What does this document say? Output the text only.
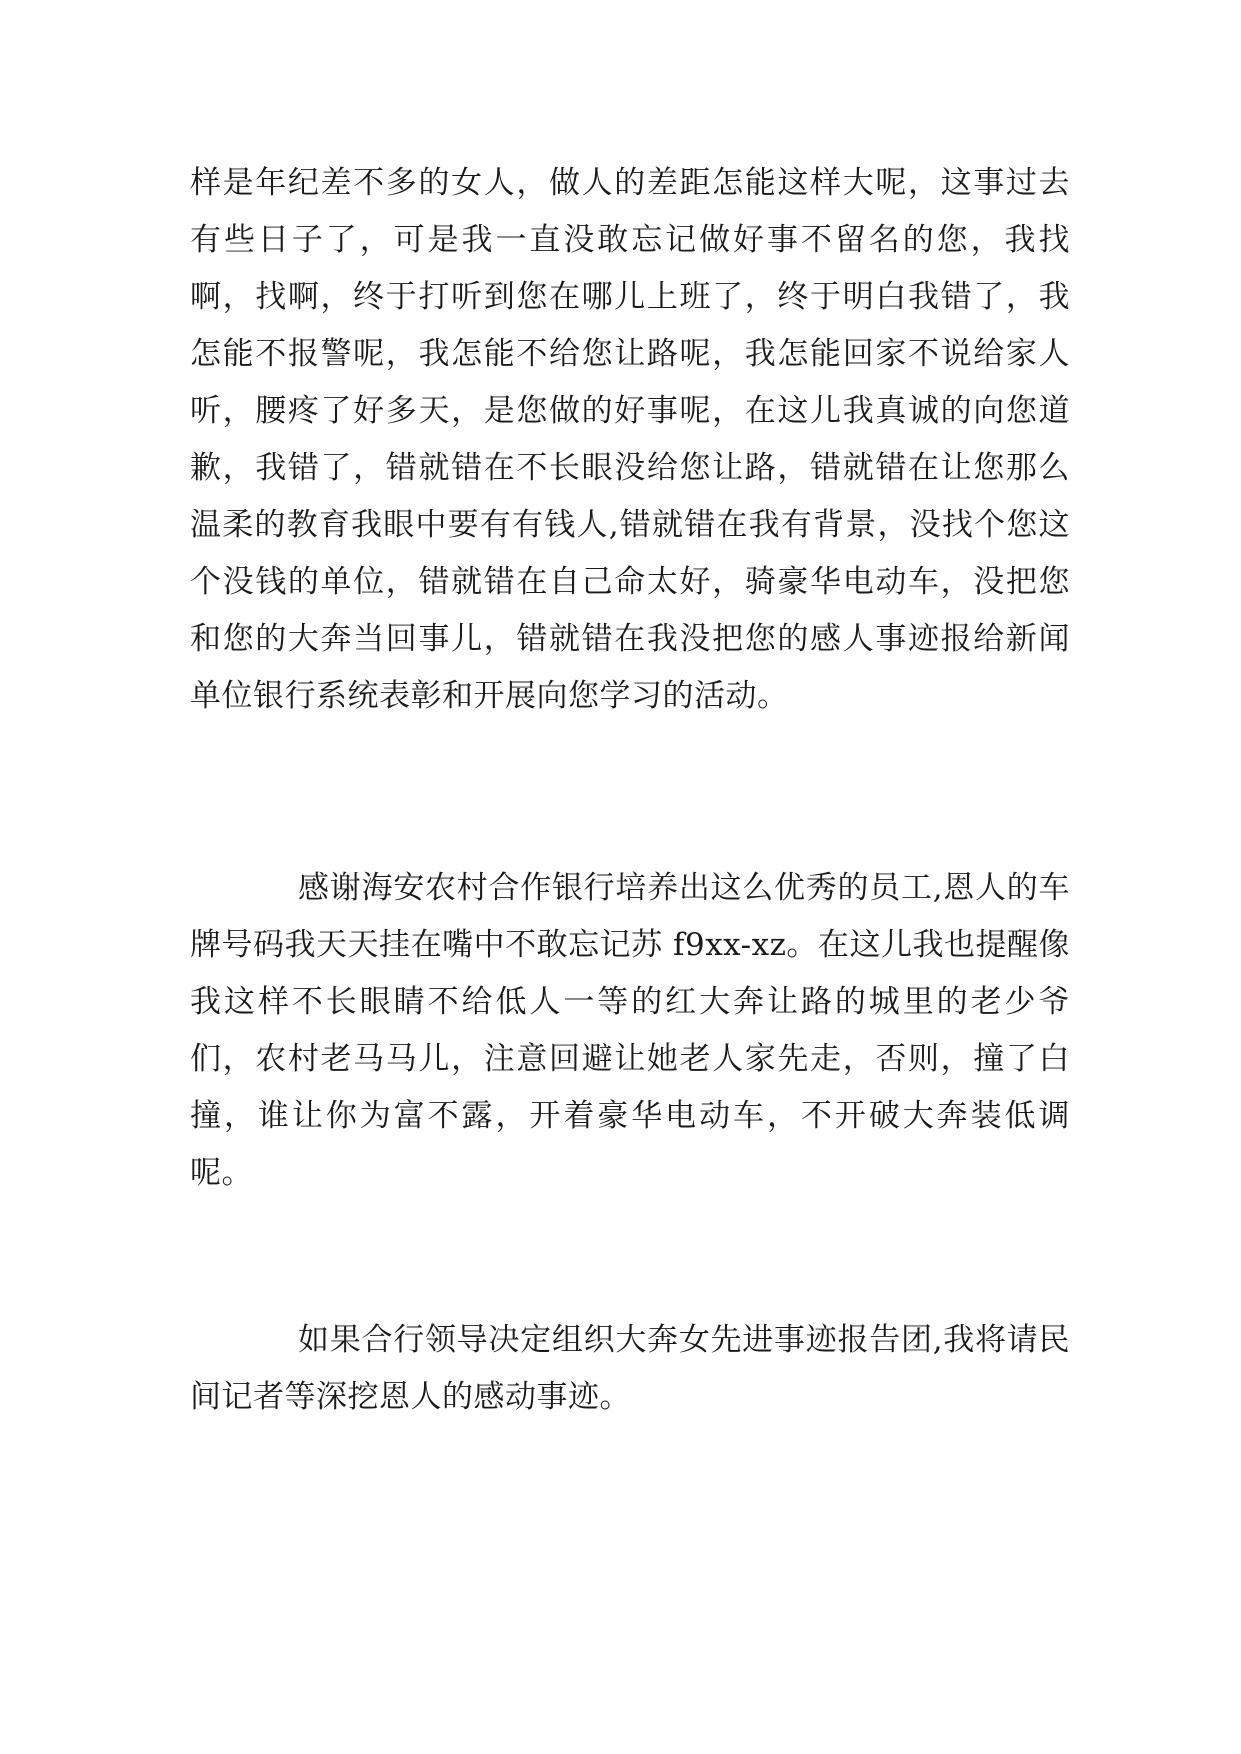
样是年纪差不多的女人，做人的差距怎能这样大呢，这事过去有些日子了，可是我一直没敢忘记做好事不留名的您，我找啊，找啊，终于打听到您在哪儿上班了，终于明白我错了，我怎能不报警呢，我怎能不给您让路呢，我怎能回家不说给家人听，腰疼了好多天，是您做的好事呢，在这儿我真诚的向您道歉，我错了，错就错在不长眼没给您让路，错就错在让您那么温柔的教育我眼中要有有钱人,错就错在我有背景，没找个您这个没钱的单位，错就错在自己命太好，骑豪华电动车，没把您和您的大奔当回事儿，错就错在我没把您的感人事迹报给新闻单位银行系统表彰和开展向您学习的活动。

感谢海安农村合作银行培养出这么优秀的员工,恩人的车牌号码我天天挂在嘴中不敢忘记苏 f9xx-xz。在这儿我也提醒像我这样不长眼睛不给低人一等的红大奔让路的城里的老少爷们，农村老马马儿，注意回避让她老人家先走，否则，撞了白撞，谁让你为富不露，开着豪华电动车，不开破大奔装低调呢。

如果合行领导决定组织大奔女先进事迹报告团,我将请民间记者等深挖恩人的感动事迹。
